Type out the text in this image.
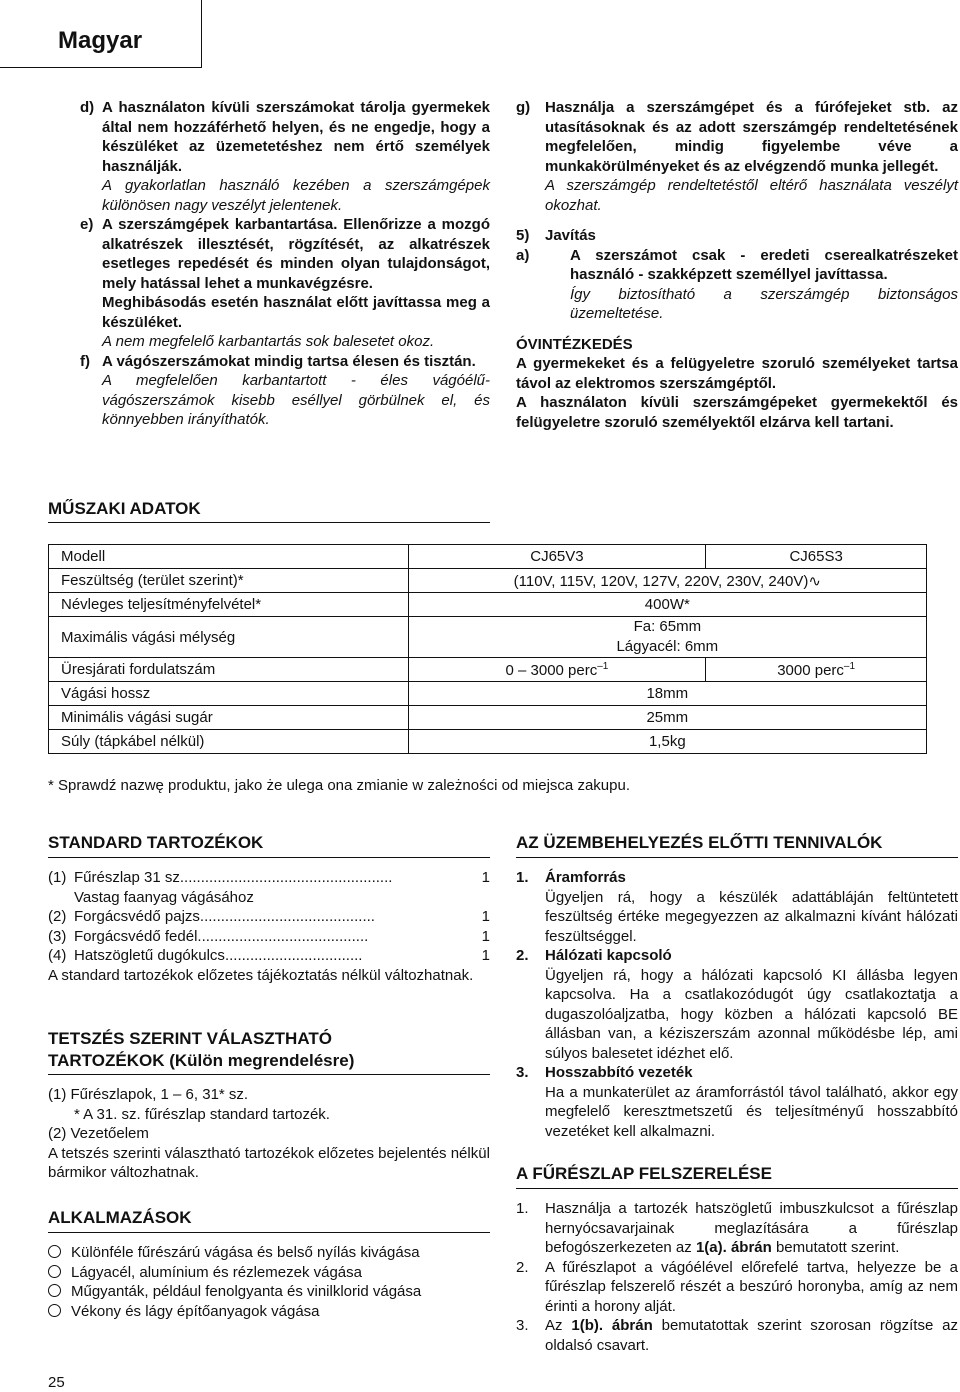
Magyar
d) A használaton kívüli szerszámokat tárolja gyermekek által nem hozzáférhető helyen, és ne engedje, hogy a készüléket az üzemetetéshez nem értő személyek használják.
A gyakorlatlan használó kezében a szerszámgépek különösen nagy veszélyt jelentenek.
e) A szerszámgépek karbantartása. Ellenőrizze a mozgó alkatrészek illesztését, rögzítését, az alkatrészek esetleges repedését és minden olyan tulajdonságot, mely hatással lehet a munkavégzésre.
Meghibásodás esetén használat előtt javíttassa meg a készüléket.
A nem megfelelő karbantartás sok balesetet okoz.
f) A vágószerszámokat mindig tartsa élesen és tisztán.
A megfelelően karbantartott - éles vágóélű-vágószerszámok kisebb eséllyel görbülnek el, és könnyebben irányíthatók.
g) Használja a szerszámgépet és a fúrófejeket stb. az utasításoknak és az adott szerszámgép rendeltetésének megfelelően, mindig figyelembe véve a munkakörülményeket és az elvégzendő munka jellegét.
A szerszámgép rendeltetéstől eltérő használata veszélyt okozhat.
5) Javítás
a)	A szerszámot csak - eredeti cserealkatrészeket használó - szakképzett személlyel javíttassa.
Így biztosítható a szerszámgép biztonságos üzemeltetése.
ÓVINTÉZKEDÉS
A gyermekeket és a felügyeletre szoruló személyeket tartsa távol az elektromos szerszámgéptől.
A használaton kívüli szerszámgépeket gyermekektől és felügyeletre szoruló személyektől elzárva kell tartani.
MŰSZAKI ADATOK
Modell	CJ65V3	CJ65S3
Feszültség (terület szerint)*	(110V, 115V, 120V, 127V, 220V, 230V, 240V)∿	
Névleges teljesítményfelvétel*	400W*	
Maximális vágási mélység	Fa: 65mm
Lágyacél: 6mm	

Üresjárati fordulatszám	0 – 3000 perc$^{-1}$	3000 perc$^{-1}$
Vágási hossz	18mm	
Minimális vágási sugár	25mm	
Súly (tápkábel nélkül)	1,5kg	
* Sprawdź nazwę produktu, jako że ulega ona zmianie w zależności od miejsca zakupu.
STANDARD TARTOZÉKOK
(1) Fűrészlap 31 sz. ..................................................	1
Vastag faanyag vágásához
(2) Forgácsvédő pajzs ..........................................	1
(3) Forgácsvédő fedél .........................................	1
(4) Hatszögletű dugókulcs .................................	1
A standard tartozékok előzetes tájékoztatás nélkül változhatnak.
TETSZÉS SZERINT VÁLASZTHATÓ
TARTOZÉKOK (Külön megrendelésre)
(1) Fűrészlapok, 1 – 6, 31* sz.
* A 31. sz. fűrészlap standard tartozék.
(2) Vezetőelem
A tetszés szerinti választható tartozékok előzetes bejelentés nélkül bármikor változhatnak.
ALKALMAZÁSOK
Különféle fűrészárú vágása és belső nyílás kivágása
Lágyacél, alumínium és rézlemezek vágása
Műgyanták, például fenolgyanta és vinilklorid vágása
Vékony és lágy építőanyagok vágása
AZ ÜZEMBEHELYEZÉS ELŐTTI TENNIVALÓK
1. Áramforrás
Ügyeljen rá, hogy a készülék adattábláján feltüntetett feszültség értéke megegyezzen az alkalmazni kívánt hálózati feszültséggel.
2. Hálózati kapcsoló
Ügyeljen rá, hogy a hálózati kapcsoló KI állásba legyen kapcsolva. Ha a csatlakozódugót úgy csatlakoztatja a dugaszolóaljzatba, hogy közben a hálózati kapcsoló BE állásban van, a kéziszerszám azonnal működésbe lép, ami súlyos balesetet idézhet elő.
3. Hosszabbító vezeték
Ha a munkaterület az áramforrástól távol található, akkor egy megfelelő keresztmetszetű és teljesítményű hosszabbító vezetéket kell alkalmazni.
A FŰRÉSZLAP FELSZERELÉSE
1. Használja a tartozék hatszögletű imbuszkulcsot a fűrészlap hernyócsavarjainak meglazítására a fűrészlap befogószerkezeten az 1(a). ábrán bemutatott szerint.
2. A fűrészlapot a vágóélével előrefelé tartva, helyezze be a fűrészlap felszerelő részét a beszúró horonyba, amíg az nem érinti a horony alját.
3. Az 1(b). ábrán bemutatottak szerint szorosan rögzítse az oldalsó csavart.
25
